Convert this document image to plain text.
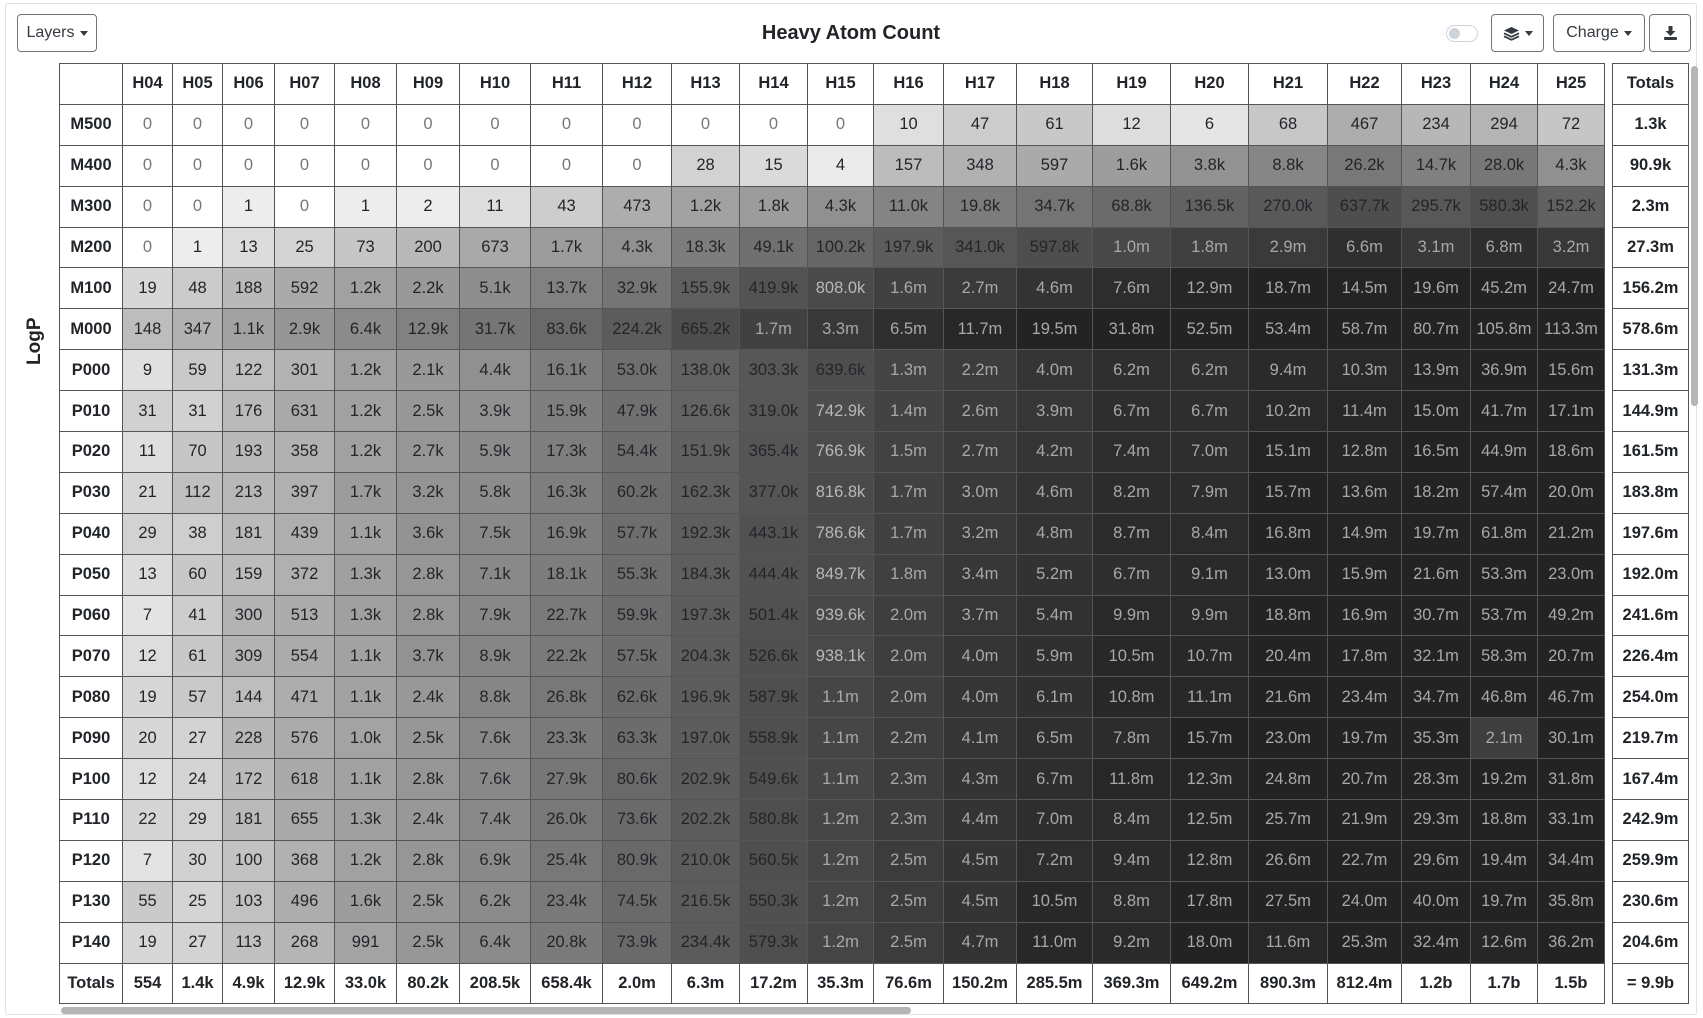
Layers	Heavy Atom Count	Charge
LogP
	H04	H05	H06	H07	H08	H09	H10	H11	H12	H13	H14	H15	H16	H17	H18	H19	H20	H21	H22	H23	H24	H25		Totals
M500	0	0	0	0	0	0	0	0	0	0	0	0	10	47	61	12	6	68	467	234	294	72		1.3k
M400	0	0	0	0	0	0	0	0	0	28	15	4	157	348	597	1.6k	3.8k	8.8k	26.2k	14.7k	28.0k	4.3k		90.9k
M300	0	0	1	0	1	2	11	43	473	1.2k	1.8k	4.3k	11.0k	19.8k	34.7k	68.8k	136.5k	270.0k	637.7k	295.7k	580.3k	152.2k		2.3m
M200	0	1	13	25	73	200	673	1.7k	4.3k	18.3k	49.1k	100.2k	197.9k	341.0k	597.8k	1.0m	1.8m	2.9m	6.6m	3.1m	6.8m	3.2m		27.3m
M100	19	48	188	592	1.2k	2.2k	5.1k	13.7k	32.9k	155.9k	419.9k	808.0k	1.6m	2.7m	4.6m	7.6m	12.9m	18.7m	14.5m	19.6m	45.2m	24.7m		156.2m
M000	148	347	1.1k	2.9k	6.4k	12.9k	31.7k	83.6k	224.2k	665.2k	1.7m	3.3m	6.5m	11.7m	19.5m	31.8m	52.5m	53.4m	58.7m	80.7m	105.8m	113.3m		578.6m
P000	9	59	122	301	1.2k	2.1k	4.4k	16.1k	53.0k	138.0k	303.3k	639.6k	1.3m	2.2m	4.0m	6.2m	6.2m	9.4m	10.3m	13.9m	36.9m	15.6m		131.3m
P010	31	31	176	631	1.2k	2.5k	3.9k	15.9k	47.9k	126.6k	319.0k	742.9k	1.4m	2.6m	3.9m	6.7m	6.7m	10.2m	11.4m	15.0m	41.7m	17.1m		144.9m
P020	11	70	193	358	1.2k	2.7k	5.9k	17.3k	54.4k	151.9k	365.4k	766.9k	1.5m	2.7m	4.2m	7.4m	7.0m	15.1m	12.8m	16.5m	44.9m	18.6m		161.5m
P030	21	112	213	397	1.7k	3.2k	5.8k	16.3k	60.2k	162.3k	377.0k	816.8k	1.7m	3.0m	4.6m	8.2m	7.9m	15.7m	13.6m	18.2m	57.4m	20.0m		183.8m
P040	29	38	181	439	1.1k	3.6k	7.5k	16.9k	57.7k	192.3k	443.1k	786.6k	1.7m	3.2m	4.8m	8.7m	8.4m	16.8m	14.9m	19.7m	61.8m	21.2m		197.6m
P050	13	60	159	372	1.3k	2.8k	7.1k	18.1k	55.3k	184.3k	444.4k	849.7k	1.8m	3.4m	5.2m	6.7m	9.1m	13.0m	15.9m	21.6m	53.3m	23.0m		192.0m
P060	7	41	300	513	1.3k	2.8k	7.9k	22.7k	59.9k	197.3k	501.4k	939.6k	2.0m	3.7m	5.4m	9.9m	9.9m	18.8m	16.9m	30.7m	53.7m	49.2m		241.6m
P070	12	61	309	554	1.1k	3.7k	8.9k	22.2k	57.5k	204.3k	526.6k	938.1k	2.0m	4.0m	5.9m	10.5m	10.7m	20.4m	17.8m	32.1m	58.3m	20.7m		226.4m
P080	19	57	144	471	1.1k	2.4k	8.8k	26.8k	62.6k	196.9k	587.9k	1.1m	2.0m	4.0m	6.1m	10.8m	11.1m	21.6m	23.4m	34.7m	46.8m	46.7m		254.0m
P090	20	27	228	576	1.0k	2.5k	7.6k	23.3k	63.3k	197.0k	558.9k	1.1m	2.2m	4.1m	6.5m	7.8m	15.7m	23.0m	19.7m	35.3m	2.1m	30.1m		219.7m
P100	12	24	172	618	1.1k	2.8k	7.6k	27.9k	80.6k	202.9k	549.6k	1.1m	2.3m	4.3m	6.7m	11.8m	12.3m	24.8m	20.7m	28.3m	19.2m	31.8m		167.4m
P110	22	29	181	655	1.3k	2.4k	7.4k	26.0k	73.6k	202.2k	580.8k	1.2m	2.3m	4.4m	7.0m	8.4m	12.5m	25.7m	21.9m	29.3m	18.8m	33.1m		242.9m
P120	7	30	100	368	1.2k	2.8k	6.9k	25.4k	80.9k	210.0k	560.5k	1.2m	2.5m	4.5m	7.2m	9.4m	12.8m	26.6m	22.7m	29.6m	19.4m	34.4m		259.9m
P130	55	25	103	496	1.6k	2.5k	6.2k	23.4k	74.5k	216.5k	550.3k	1.2m	2.5m	4.5m	10.5m	8.8m	17.8m	27.5m	24.0m	40.0m	19.7m	35.8m		230.6m
P140	19	27	113	268	991	2.5k	6.4k	20.8k	73.9k	234.4k	579.3k	1.2m	2.5m	4.7m	11.0m	9.2m	18.0m	11.6m	25.3m	32.4m	12.6m	36.2m		204.6m
Totals	554	1.4k	4.9k	12.9k	33.0k	80.2k	208.5k	658.4k	2.0m	6.3m	17.2m	35.3m	76.6m	150.2m	285.5m	369.3m	649.2m	890.3m	812.4m	1.2b	1.7b	1.5b		= 9.9b
